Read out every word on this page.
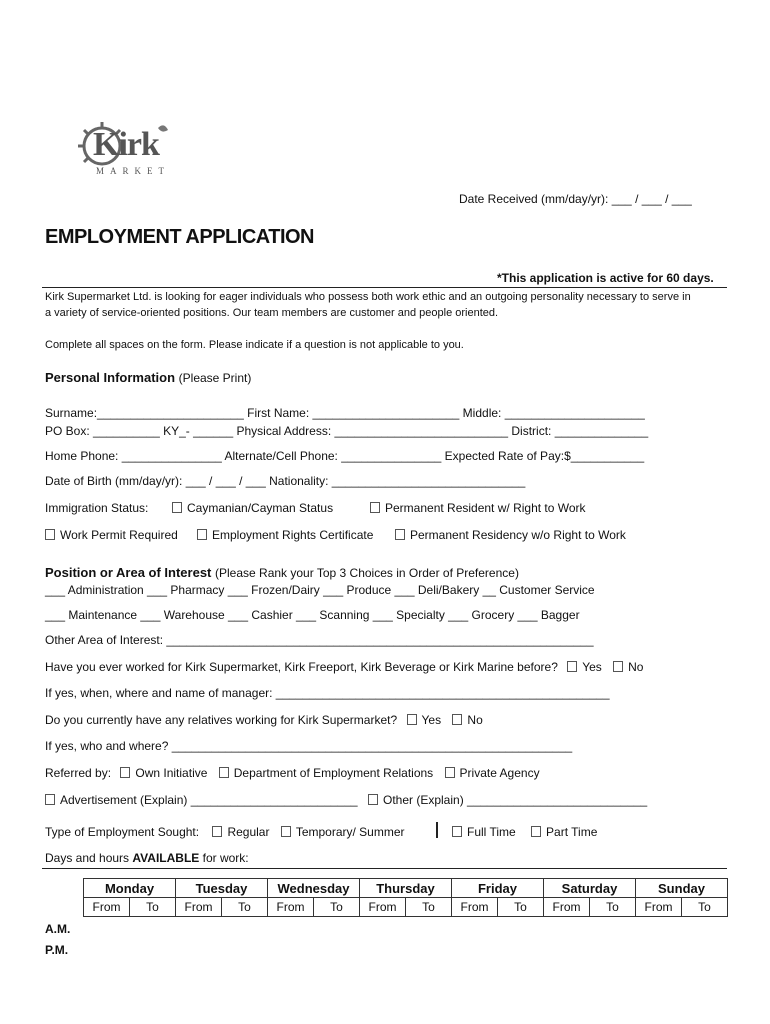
Kirk
MARKET
Date Received (mm/day/yr): ___ / ___ / ___
EMPLOYMENT APPLICATION
*This application is active for 60 days.
Kirk Supermarket Ltd. is looking for eager individuals who possess both work ethic and an outgoing personality necessary to serve in
a variety of service-oriented positions. Our team members are customer and people oriented.
Complete all spaces on the form. Please indicate if a question is not applicable to you.
Personal Information (Please Print)
Surname:______________________ First Name: ______________________ Middle: _____________________
PO Box: __________ KY_- ______ Physical Address: __________________________ District: ______________
Home Phone: _______________ Alternate/Cell Phone: _______________ Expected Rate of Pay:$___________
Date of Birth (mm/day/yr): ___ / ___ / ___ Nationality: _____________________________
Immigration Status:	Caymanian/Cayman Status	Permanent Resident w/ Right to Work
Work Permit Required	Employment Rights Certificate	Permanent Residency w/o Right to Work
Position or Area of Interest (Please Rank your Top 3 Choices in Order of Preference)
___ Administration ___ Pharmacy ___ Frozen/Dairy ___ Produce ___ Deli/Bakery __ Customer Service
___ Maintenance ___ Warehouse ___ Cashier ___ Scanning ___ Specialty ___ Grocery ___ Bagger
Other Area of Interest: ________________________________________________________________
Have you ever worked for Kirk Supermarket, Kirk Freeport, Kirk Beverage or Kirk Marine before? Yes No
If yes, when, where and name of manager: __________________________________________________
Do you currently have any relatives working for Kirk Supermarket? Yes No
If yes, who and where? ____________________________________________________________
Referred by: Own Initiative Department of Employment Relations Private Agency
Advertisement (Explain) _________________________	Other (Explain) ___________________________
Type of Employment Sought: Regular Temporary/ Summer	Full Time	Part Time
Days and hours AVAILABLE for work:
Monday		Tuesday		Wednesday		Thursday		Friday		Saturday		Sunday	
From	To	From	To	From	To	From	To	From	To	From	To	From	To
A.M.
P.M.
